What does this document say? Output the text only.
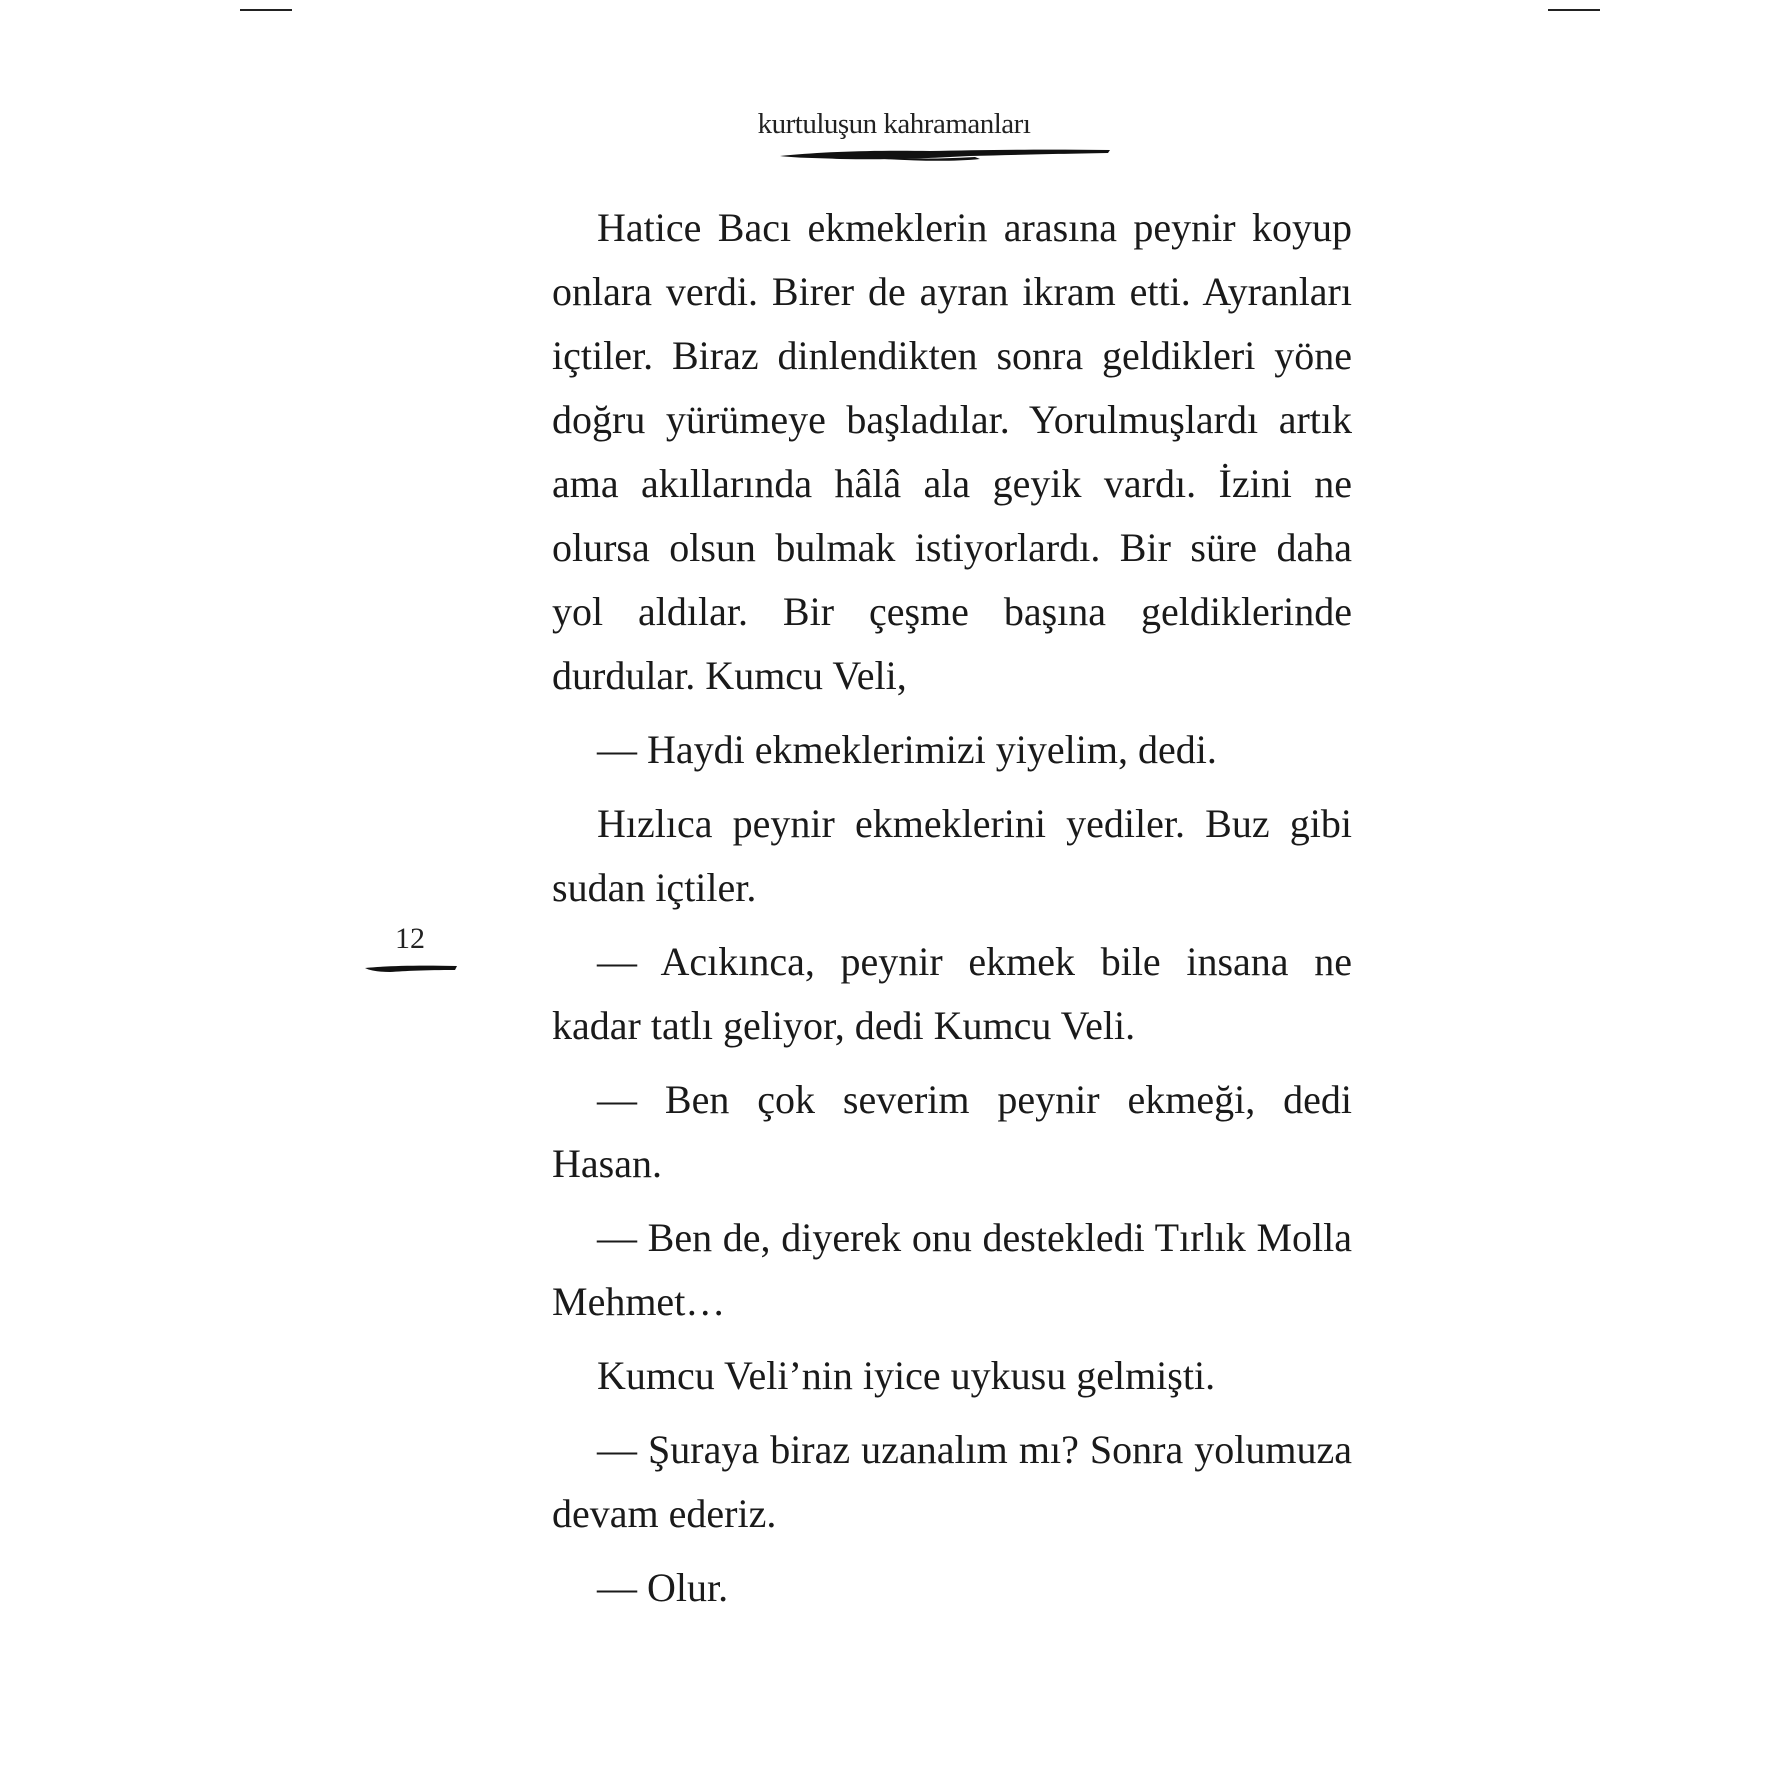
kurtuluşun kahramanları
12

Hatice Bacı ekmeklerin arasına peynir koyup onlara verdi. Birer de ayran ikram etti. Ayranları içtiler. Biraz dinlendikten sonra geldikleri yöne doğru yürümeye başladılar. Yorulmuşlardı artık ama akıllarında hâlâ ala geyik vardı. İzini ne olursa olsun bulmak istiyorlardı. Bir süre daha yol aldılar. Bir çeşme başına geldiklerinde durdular. Kumcu Veli,

— Haydi ekmeklerimizi yiyelim, dedi.

Hızlıca peynir ekmeklerini yediler. Buz gibi sudan içtiler.

— Acıkınca, peynir ekmek bile insana ne kadar tatlı geliyor, dedi Kumcu Veli.

— Ben çok severim peynir ekmeği, dedi Hasan.

— Ben de, diyerek onu destekledi Tırlık Molla Mehmet…

Kumcu Veli’nin iyice uykusu gelmişti.

— Şuraya biraz uzanalım mı? Sonra yolumuza devam ederiz.

— Olur.
